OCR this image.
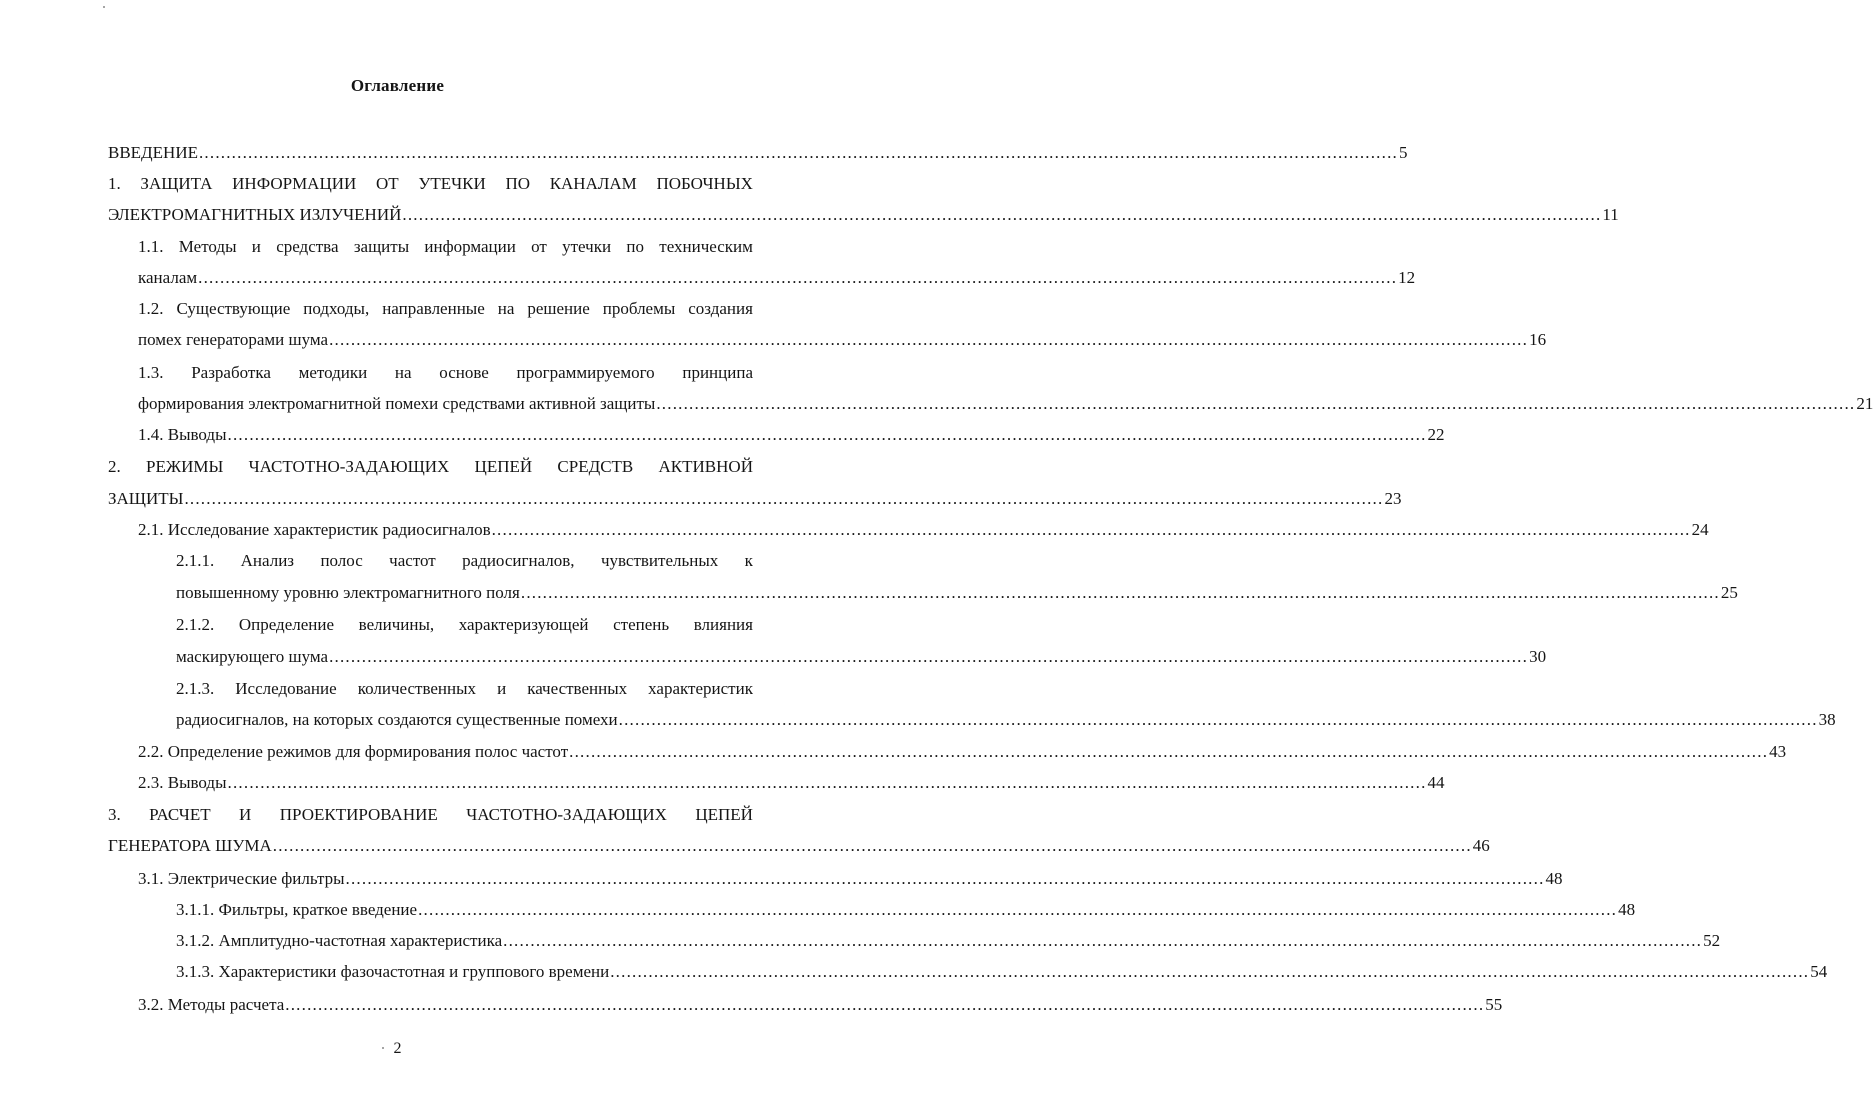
Оглавление
ВВЕДЕНИЕ ............................................................................................................................................................................................................................ 5
1. ЗАЩИТА ИНФОРМАЦИИ ОТ УТЕЧКИ ПО КАНАЛАМ ПОБОЧНЫХ
ЭЛЕКТРОМАГНИТНЫХ ИЗЛУЧЕНИЙ ............................................................................................................................................................................................................................ 11
1.1. Методы и средства защиты информации от утечки по техническим
каналам ............................................................................................................................................................................................................................ 12
1.2. Существующие подходы, направленные на решение проблемы создания
помех генераторами шума ............................................................................................................................................................................................................................ 16
1.3. Разработка методики на основе программируемого принципа
формирования электромагнитной помехи средствами активной защиты ............................................................................................................................................................................................................................ 21
1.4. Выводы ............................................................................................................................................................................................................................ 22
2. РЕЖИМЫ ЧАСТОТНО-ЗАДАЮЩИХ ЦЕПЕЙ СРЕДСТВ АКТИВНОЙ
ЗАЩИТЫ ............................................................................................................................................................................................................................ 23
2.1. Исследование характеристик радиосигналов ............................................................................................................................................................................................................................ 24
2.1.1. Анализ полос частот радиосигналов, чувствительных к
повышенному уровню электромагнитного поля ............................................................................................................................................................................................................................ 25
2.1.2. Определение величины, характеризующей степень влияния
маскирующего шума ............................................................................................................................................................................................................................ 30
2.1.3. Исследование количественных и качественных характеристик
радиосигналов, на которых создаются существенные помехи ............................................................................................................................................................................................................................ 38
2.2. Определение режимов для формирования полос частот ............................................................................................................................................................................................................................ 43
2.3. Выводы ............................................................................................................................................................................................................................ 44
3. РАСЧЕТ И ПРОЕКТИРОВАНИЕ ЧАСТОТНО-ЗАДАЮЩИХ ЦЕПЕЙ
ГЕНЕРАТОРА ШУМА ............................................................................................................................................................................................................................ 46
3.1. Электрические фильтры ............................................................................................................................................................................................................................ 48
3.1.1. Фильтры, краткое введение ............................................................................................................................................................................................................................ 48
3.1.2. Амплитудно-частотная характеристика ............................................................................................................................................................................................................................ 52
3.1.3. Характеристики фазочастотная и группового времени ............................................................................................................................................................................................................................ 54
3.2. Методы расчета ............................................................................................................................................................................................................................ 55
2
